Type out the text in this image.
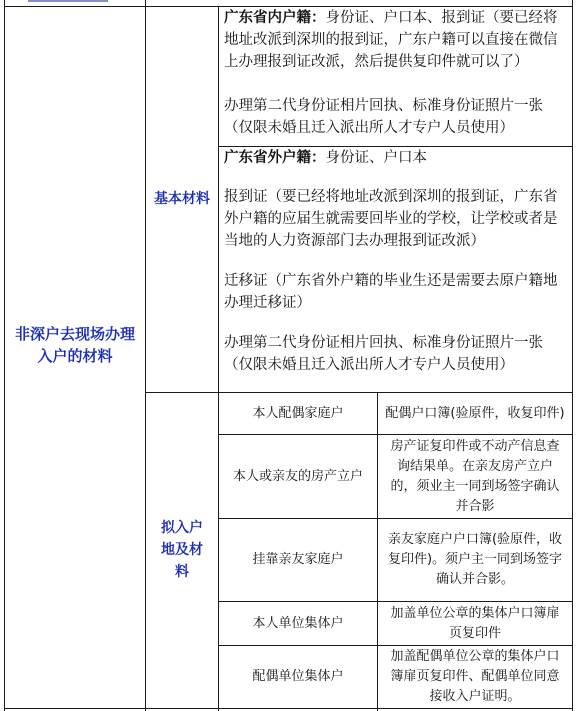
非深户去现场办理入户的材料
基本材料

广东省内户籍：身份证、户口本、报到证（要已经将地址改派到深圳的报到证，广东户籍可以直接在微信上办理报到证改派，然后提供复印件就可以了）

办理第二代身份证相片回执、标准身份证照片一张（仅限未婚且迁入派出所人才专户人员使用）

广东省外户籍：身份证、户口本

报到证（要已经将地址改派到深圳的报到证，广东省外户籍的应届生就需要回毕业的学校，让学校或者是当地的人力资源部门去办理报到证改派）

迁移证（广东省外户籍的毕业生还是需要去原户籍地办理迁移证）

办理第二代身份证相片回执、标准身份证照片一张（仅限未婚且迁入派出所人才专户人员使用）

拟入户地及材料
本人配偶家庭户	配偶户口簿(验原件，收复印件)
本人或亲友的房产立户
房产证复印件或不动产信息查询结果单。在亲友房产立户的，须业主一同到场签字确认并合影
挂靠亲友家庭户
亲友家庭户户口簿(验原件，收复印件)。须户主一同到场签字确认并合影。
本人单位集体户
加盖单位公章的集体户口簿扉页复印件
配偶单位集体户
加盖配偶单位公章的集体户口簿扉页复印件、配偶单位同意接收入户证明。
